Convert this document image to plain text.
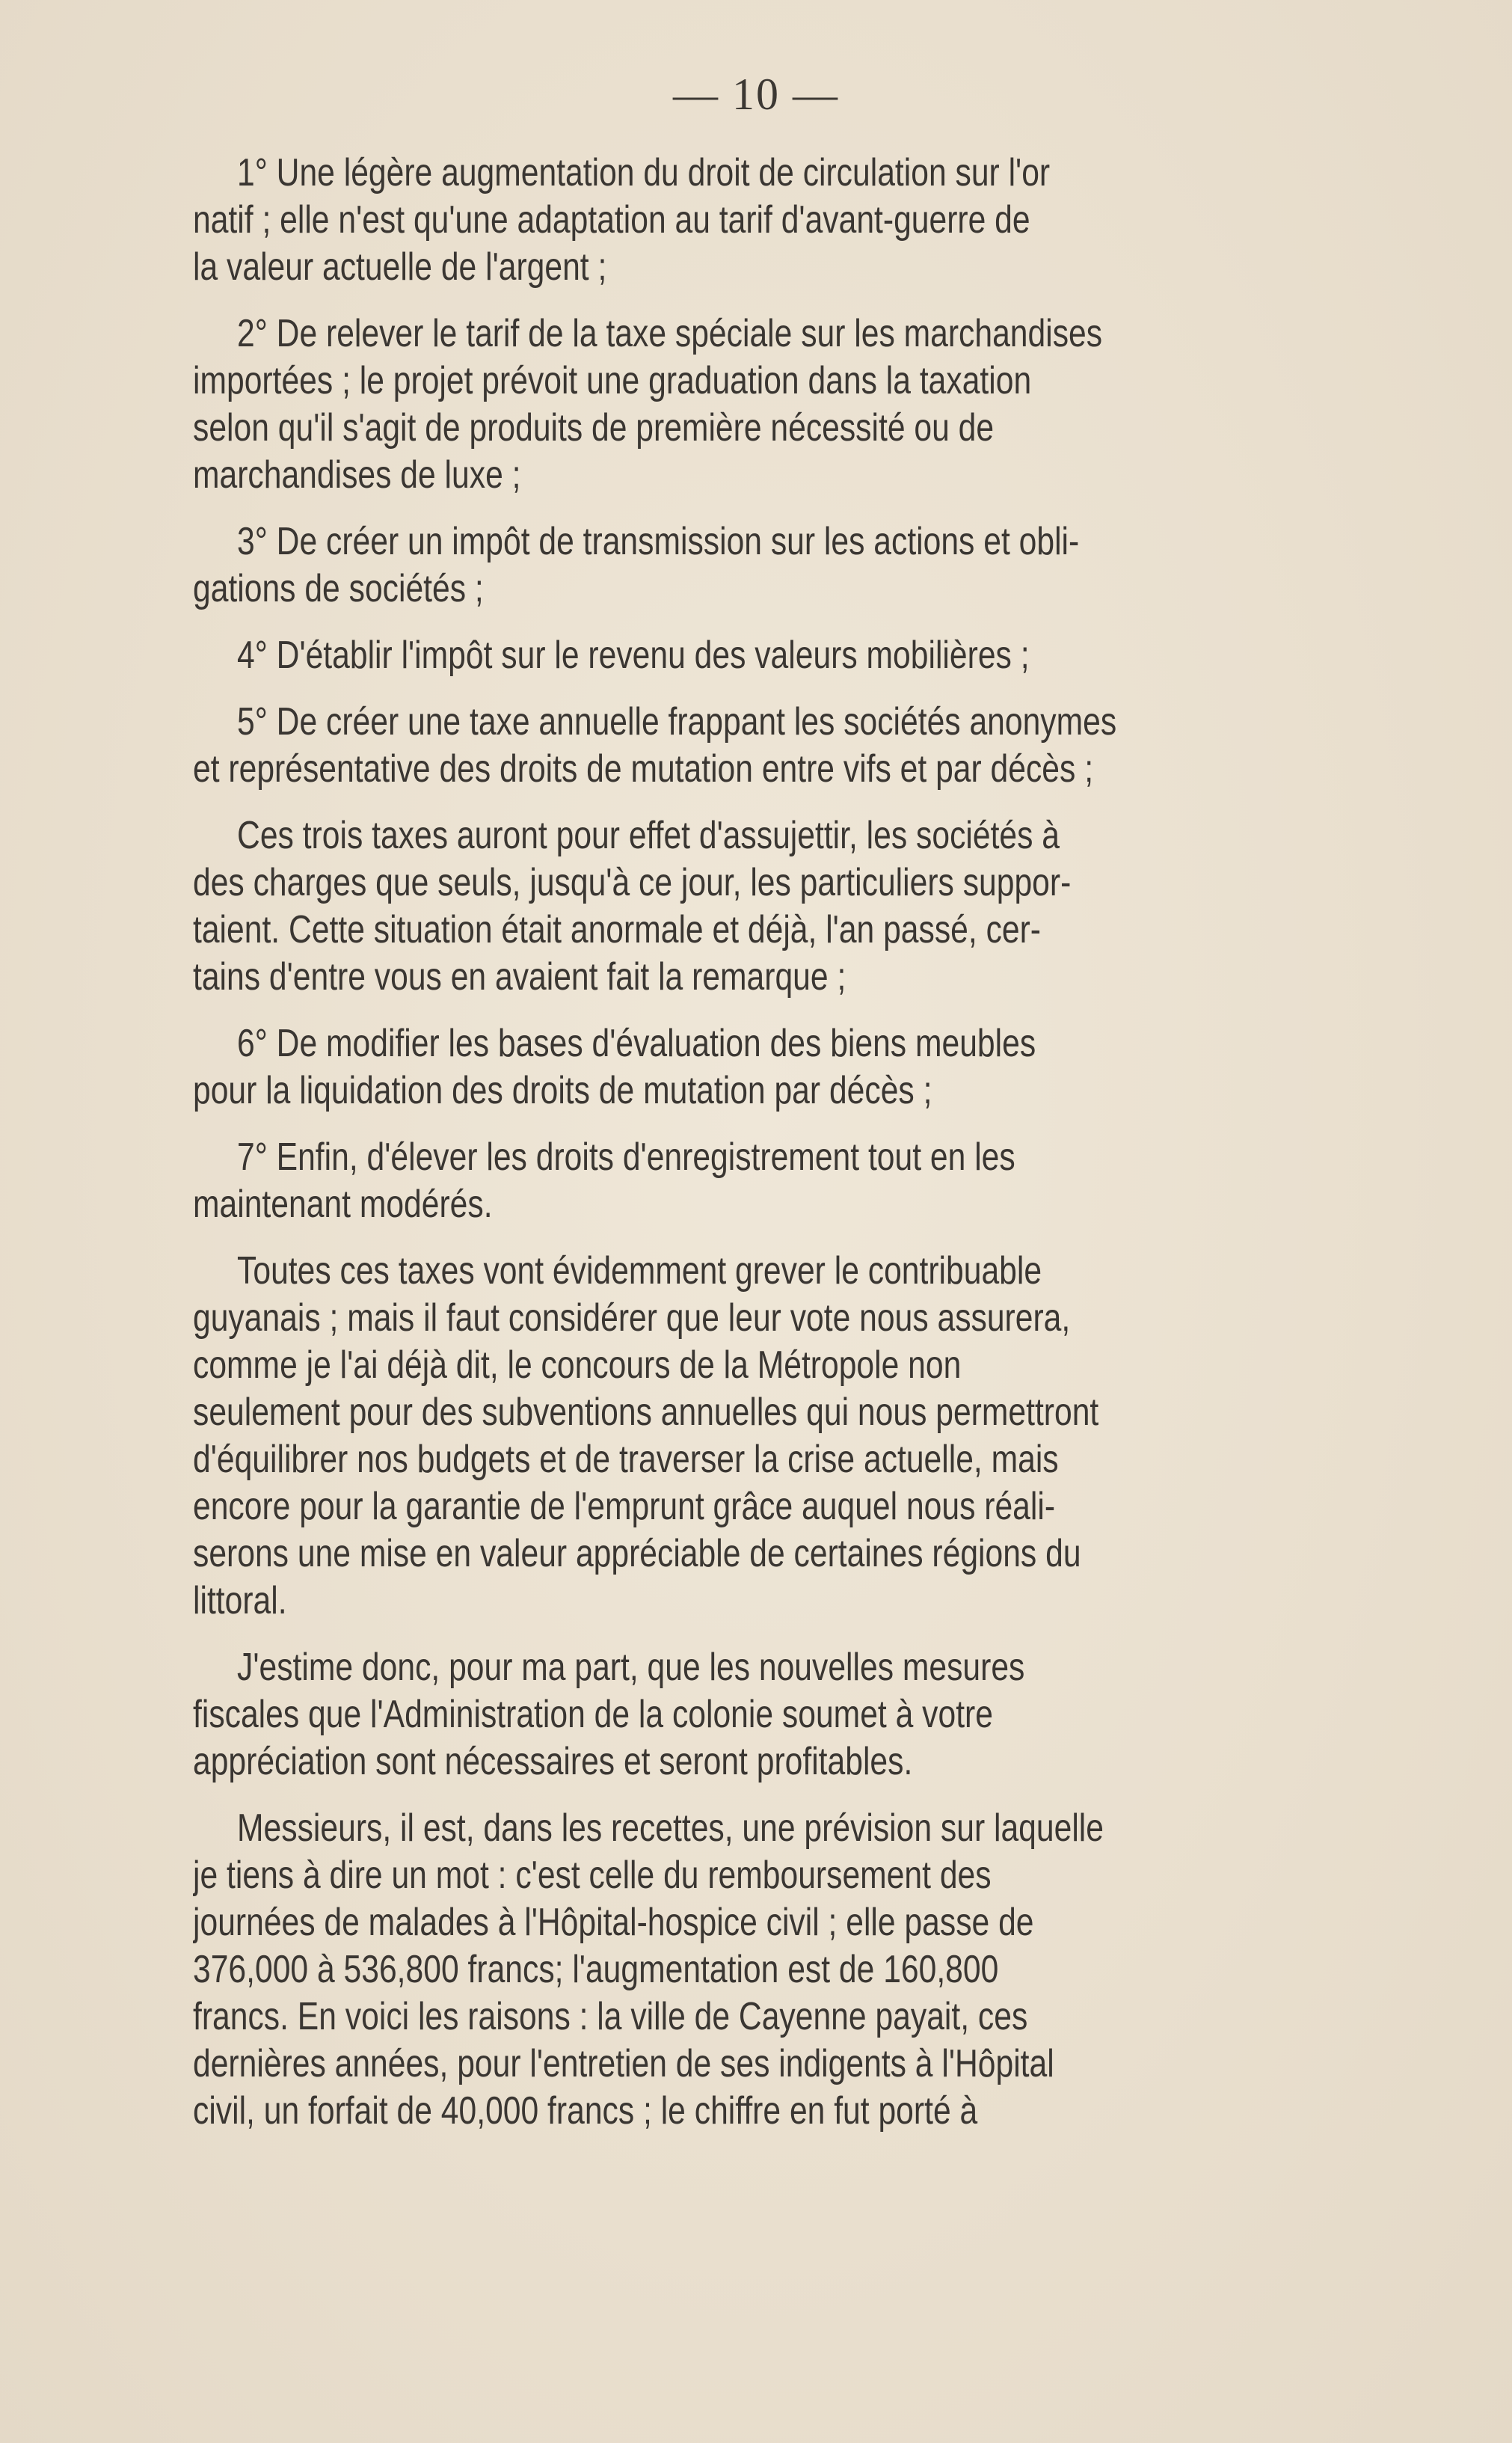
— 10 —
1° Une légère augmentation du droit de circulation sur l'or
natif ; elle n'est qu'une adaptation au tarif d'avant-guerre de
la valeur actuelle de l'argent ;
2° De relever le tarif de la taxe spéciale sur les marchandises
importées ; le projet prévoit une graduation dans la taxation
selon qu'il s'agit de produits de première nécessité ou de
marchandises de luxe ;
3° De créer un impôt de transmission sur les actions et obli-
gations de sociétés ;
4° D'établir l'impôt sur le revenu des valeurs mobilières ;
5° De créer une taxe annuelle frappant les sociétés anonymes
et représentative des droits de mutation entre vifs et par décès ;
Ces trois taxes auront pour effet d'assujettir, les sociétés à
des charges que seuls, jusqu'à ce jour, les particuliers suppor-
taient. Cette situation était anormale et déjà, l'an passé, cer-
tains d'entre vous en avaient fait la remarque ;
6° De modifier les bases d'évaluation des biens meubles
pour la liquidation des droits de mutation par décès ;
7° Enfin, d'élever les droits d'enregistrement tout en les
maintenant modérés.
Toutes ces taxes vont évidemment grever le contribuable
guyanais ; mais il faut considérer que leur vote nous assurera,
comme je l'ai déjà dit, le concours de la Métropole non
seulement pour des subventions annuelles qui nous permettront
d'équilibrer nos budgets et de traverser la crise actuelle, mais
encore pour la garantie de l'emprunt grâce auquel nous réali-
serons une mise en valeur appréciable de certaines régions du
littoral.
J'estime donc, pour ma part, que les nouvelles mesures
fiscales que l'Administration de la colonie soumet à votre
appréciation sont nécessaires et seront profitables.
Messieurs, il est, dans les recettes, une prévision sur laquelle
je tiens à dire un mot : c'est celle du remboursement des
journées de malades à l'Hôpital-hospice civil ; elle passe de
376,000 à 536,800 francs; l'augmentation est de 160,800
francs. En voici les raisons : la ville de Cayenne payait, ces
dernières années, pour l'entretien de ses indigents à l'Hôpital
civil, un forfait de 40,000 francs ; le chiffre en fut porté à
